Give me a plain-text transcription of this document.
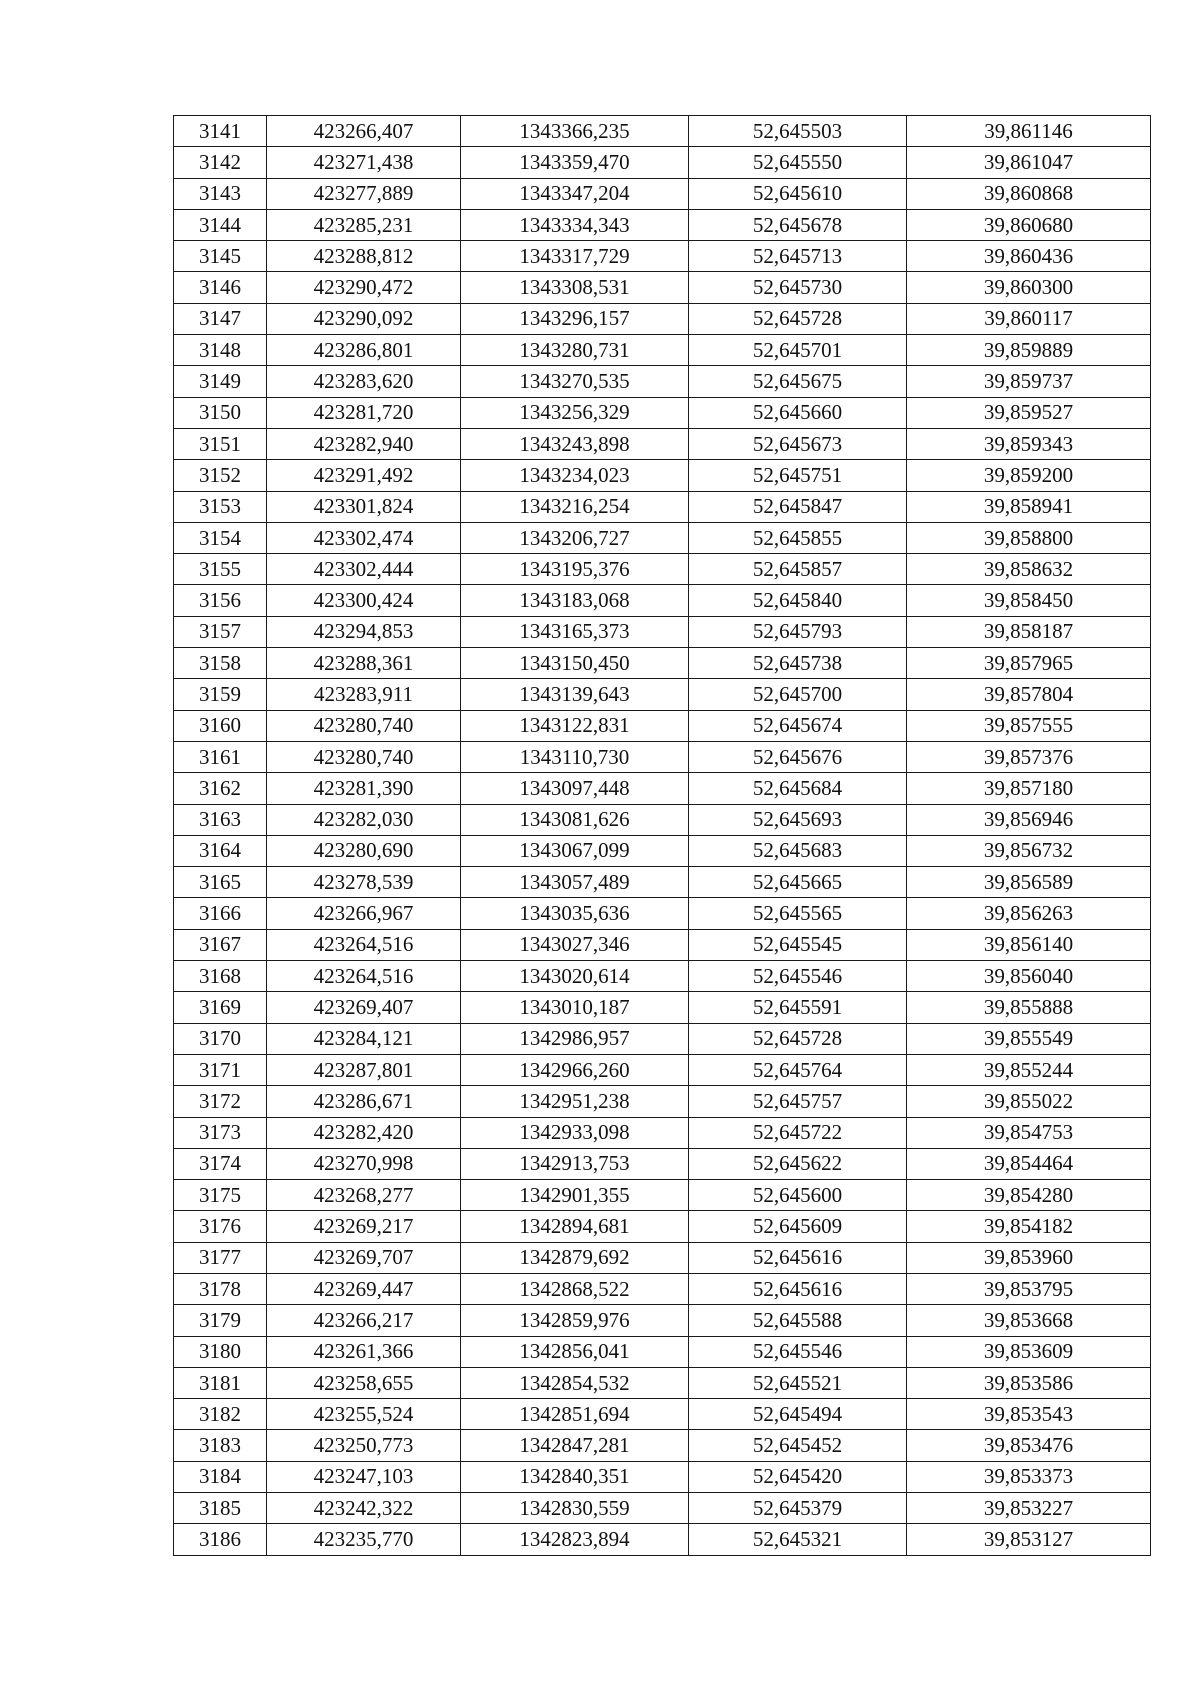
3141	423266,407	1343366,235	52,645503	39,861146
3142	423271,438	1343359,470	52,645550	39,861047
3143	423277,889	1343347,204	52,645610	39,860868
3144	423285,231	1343334,343	52,645678	39,860680
3145	423288,812	1343317,729	52,645713	39,860436
3146	423290,472	1343308,531	52,645730	39,860300
3147	423290,092	1343296,157	52,645728	39,860117
3148	423286,801	1343280,731	52,645701	39,859889
3149	423283,620	1343270,535	52,645675	39,859737
3150	423281,720	1343256,329	52,645660	39,859527
3151	423282,940	1343243,898	52,645673	39,859343
3152	423291,492	1343234,023	52,645751	39,859200
3153	423301,824	1343216,254	52,645847	39,858941
3154	423302,474	1343206,727	52,645855	39,858800
3155	423302,444	1343195,376	52,645857	39,858632
3156	423300,424	1343183,068	52,645840	39,858450
3157	423294,853	1343165,373	52,645793	39,858187
3158	423288,361	1343150,450	52,645738	39,857965
3159	423283,911	1343139,643	52,645700	39,857804
3160	423280,740	1343122,831	52,645674	39,857555
3161	423280,740	1343110,730	52,645676	39,857376
3162	423281,390	1343097,448	52,645684	39,857180
3163	423282,030	1343081,626	52,645693	39,856946
3164	423280,690	1343067,099	52,645683	39,856732
3165	423278,539	1343057,489	52,645665	39,856589
3166	423266,967	1343035,636	52,645565	39,856263
3167	423264,516	1343027,346	52,645545	39,856140
3168	423264,516	1343020,614	52,645546	39,856040
3169	423269,407	1343010,187	52,645591	39,855888
3170	423284,121	1342986,957	52,645728	39,855549
3171	423287,801	1342966,260	52,645764	39,855244
3172	423286,671	1342951,238	52,645757	39,855022
3173	423282,420	1342933,098	52,645722	39,854753
3174	423270,998	1342913,753	52,645622	39,854464
3175	423268,277	1342901,355	52,645600	39,854280
3176	423269,217	1342894,681	52,645609	39,854182
3177	423269,707	1342879,692	52,645616	39,853960
3178	423269,447	1342868,522	52,645616	39,853795
3179	423266,217	1342859,976	52,645588	39,853668
3180	423261,366	1342856,041	52,645546	39,853609
3181	423258,655	1342854,532	52,645521	39,853586
3182	423255,524	1342851,694	52,645494	39,853543
3183	423250,773	1342847,281	52,645452	39,853476
3184	423247,103	1342840,351	52,645420	39,853373
3185	423242,322	1342830,559	52,645379	39,853227
3186	423235,770	1342823,894	52,645321	39,853127
